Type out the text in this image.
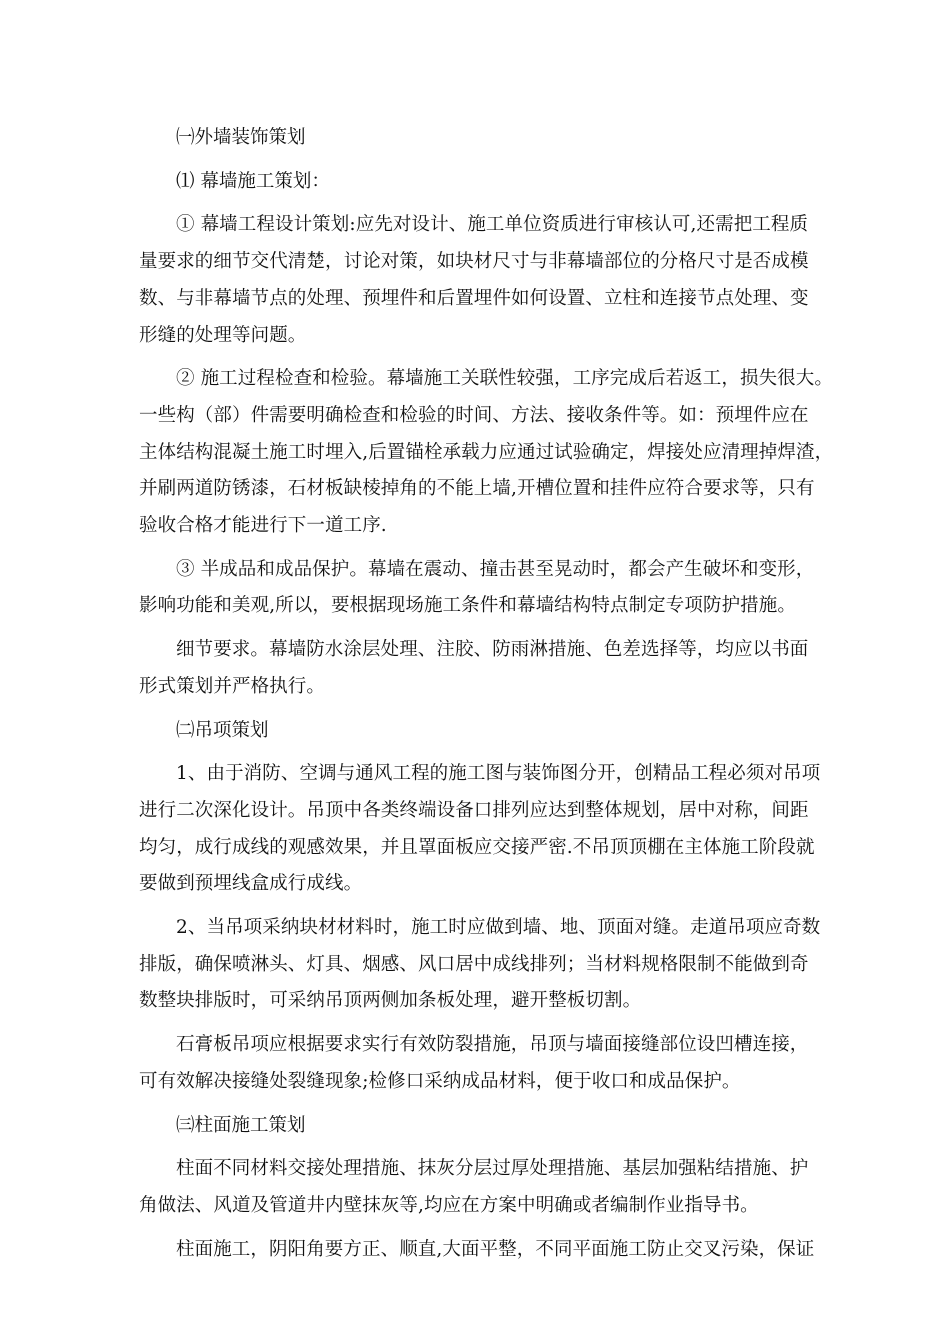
㈠外墙装饰策划
⑴ 幕墙施工策划：
① 幕墙工程设计策划:应先对设计、施工单位资质进行审核认可,还需把工程质
量要求的细节交代清楚，讨论对策，如块材尺寸与非幕墙部位的分格尺寸是否成模
数、与非幕墙节点的处理、预埋件和后置埋件如何设置、立柱和连接节点处理、变
形缝的处理等问题。
② 施工过程检查和检验。幕墙施工关联性较强，工序完成后若返工，损失很大。
一些构（部）件需要明确检查和检验的时间、方法、接收条件等。如：预埋件应在
主体结构混凝土施工时埋入,后置锚栓承载力应通过试验确定，焊接处应清理掉焊渣，
并刷两道防锈漆，石材板缺棱掉角的不能上墙,开槽位置和挂件应符合要求等，只有
验收合格才能进行下一道工序.
③ 半成品和成品保护。幕墙在震动、撞击甚至晃动时，都会产生破坏和变形，
影响功能和美观,所以，要根据现场施工条件和幕墙结构特点制定专项防护措施。
细节要求。幕墙防水涂层处理、注胶、防雨淋措施、色差选择等，均应以书面
形式策划并严格执行。
㈡吊项策划
1、由于消防、空调与通风工程的施工图与装饰图分开，创精品工程必须对吊项
进行二次深化设计。吊顶中各类终端设备口排列应达到整体规划，居中对称，间距
均匀，成行成线的观感效果，并且罩面板应交接严密.不吊顶顶棚在主体施工阶段就
要做到预埋线盒成行成线。
2、当吊项采纳块材材料时，施工时应做到墙、地、顶面对缝。走道吊项应奇数
排版，确保喷淋头、灯具、烟感、风口居中成线排列；当材料规格限制不能做到奇
数整块排版时，可采纳吊顶两侧加条板处理，避开整板切割。
石膏板吊项应根据要求实行有效防裂措施，吊顶与墙面接缝部位设凹槽连接，
可有效解决接缝处裂缝现象;检修口采纳成品材料，便于收口和成品保护。
㈢柱面施工策划
柱面不同材料交接处理措施、抹灰分层过厚处理措施、基层加强粘结措施、护
角做法、风道及管道井内壁抹灰等,均应在方案中明确或者编制作业指导书。
柱面施工，阴阳角要方正、顺直,大面平整，不同平面施工防止交叉污染，保证
